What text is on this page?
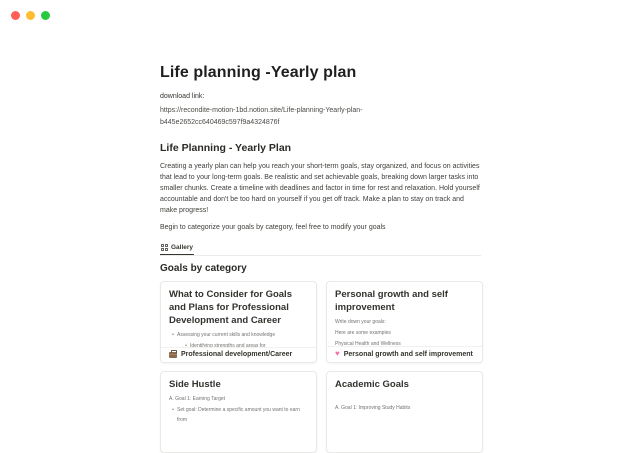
Life planning -Yearly plan
download link:
https://recondite-motion-1bd.notion.site/Life-planning-Yearly-plan-b445e2652cc640469c597f9a4324876f
Life Planning - Yearly Plan
Creating a yearly plan can help you reach your short-term goals, stay organized, and focus on activities that lead to your long-term goals. Be realistic and set achievable goals, breaking down larger tasks into smaller chunks. Create a timeline with deadlines and factor in time for rest and relaxation. Hold yourself accountable and don't be too hard on yourself if you get off track. Make a plan to stay on track and make progress!
Begin to categorize your goals by category, feel free to modify your goals
Gallery
Goals by category
What to Consider for Goals and Plans for Professional Development and Career
• Assessing your current skills and knowledge
• Identifying strengths and areas for
Professional development/Career
Personal growth and self improvement
Write down your goals:
Here are some examples
Physical Health and Wellness
♥ Personal growth and self improvement
Side Hustle
A. Goal 1: Earning Target
• Set goal: Determine a specific amount you want to earn from
Academic Goals
A. Goal 1: Improving Study Habits
